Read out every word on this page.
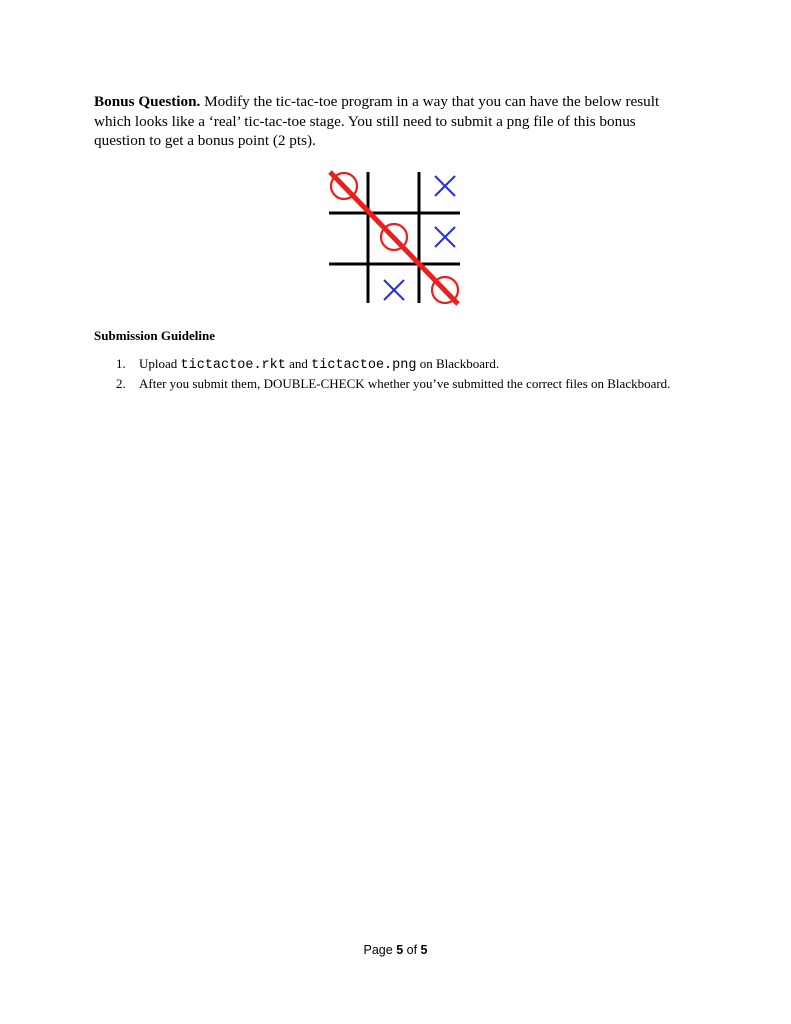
Bonus Question. Modify the tic-tac-toe program in a way that you can have the below result which looks like a ‘real’ tic-tac-toe stage. You still need to submit a png file of this bonus question to get a bonus point (2 pts).

Submission Guideline

1. Upload tictactoe.rkt and tictactoe.png on Blackboard.
2. After you submit them, DOUBLE-CHECK whether you’ve submitted the correct files on Blackboard.
Page 5 of 5
